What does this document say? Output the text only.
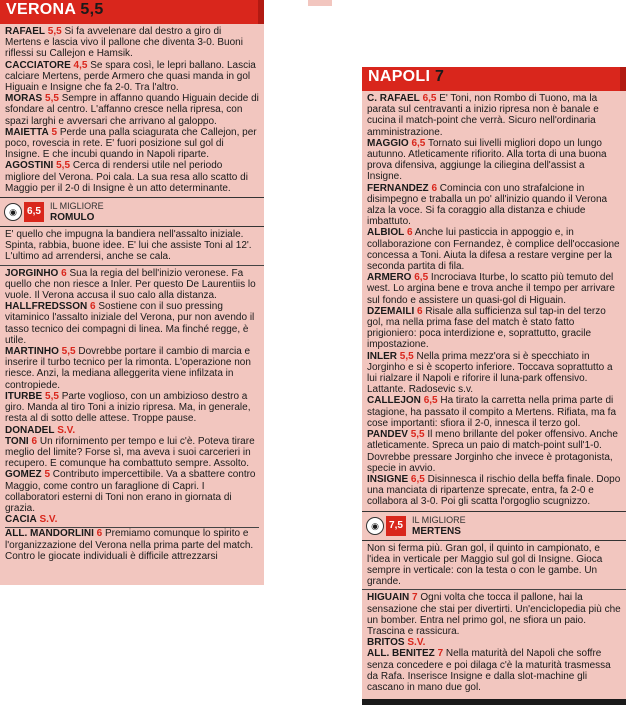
VERONA 5,5

RAFAEL 5,5 Si fa avvelenare dal destro a giro di Mertens e lascia vivo il pallone che diventa 3-0. Buoni riflessi su Callejon e Hamsik.

CACCIATORE 4,5 Se spara così, le lepri ballano. Lascia calciare Mertens, perde Armero che quasi manda in gol Higuain e Insigne che fa 2-0. Tra l'altro.

MORAS 5,5 Sempre in affanno quando Higuain decide di sfondare al centro. L'affanno cresce nella ripresa, con spazi larghi e avversari che arrivano al galoppo.

MAIETTA 5 Perde una palla sciagurata che Callejon, per poco, rovescia in rete. E' fuori posizione sul gol di Insigne. E che incubi quando in Napoli riparte.

AGOSTINI 5,5 Cerca di rendersi utile nel periodo migliore del Verona. Poi cala. La sua resa allo scatto di Maggio per il 2-0 di Insigne è un atto determinante.

◉	6,5	IL MIGLIORE
ROMULO

E' quello che impugna la bandiera nell'assalto iniziale. Spinta, rabbia, buone idee. E' lui che assiste Toni al 12'. L'ultimo ad arrendersi, anche se cala.

JORGINHO 6 Sua la regia del bell'inizio veronese. Fa quello che non riesce a Inler. Per questo De Laurentiis lo vuole. Il Verona accusa il suo calo alla distanza.

HALLFREDSSON 6 Sostiene con il suo pressing vitaminico l'assalto iniziale del Verona, pur non avendo il tasso tecnico dei compagni di linea. Ma finché regge, è utile.

MARTINHO 5,5 Dovrebbe portare il cambio di marcia e inserire il turbo tecnico per la rimonta. L'operazione non riesce. Anzi, la mediana alleggerita viene infilzata in contropiede.

ITURBE 5,5 Parte voglioso, con un ambizioso destro a giro. Manda al tiro Toni a inizio ripresa. Ma, in generale, resta al di sotto delle attese. Troppe pause.

DONADEL S.V.

TONI 6 Un rifornimento per tempo e lui c'è. Poteva tirare meglio del limite? Forse sì, ma aveva i suoi carcerieri in recupero. E comunque ha combattuto sempre. Assolto.

GOMEZ 5 Contributo impercettibile. Va a sbattere contro Maggio, come contro un faraglione di Capri. I collaboratori esterni di Toni non erano in giornata di grazia.

CACIA S.V.

ALL. MANDORLINI 6 Premiamo comunque lo spirito e l'organizzazione del Verona nella prima parte del match. Contro le giocate individuali è difficile attrezzarsi

NAPOLI 7

C. RAFAEL 6,5 E' Toni, non Rombo di Tuono, ma la parata sul centravanti a inizio ripresa non è banale e cucina il match-point che verrà. Sicuro nell'ordinaria amministrazione.

MAGGIO 6,5 Tornato sui livelli migliori dopo un lungo autunno. Atleticamente rifiorito. Alla torta di una buona prova difensiva, aggiunge la ciliegina dell'assist a Insigne.

FERNANDEZ 6 Comincia con uno strafalcione in disimpegno e traballa un po' all'inizio quando il Verona alza la voce. Si fa coraggio alla distanza e chiude imbattuto.

ALBIOL 6 Anche lui pasticcia in appoggio e, in collaborazione con Fernandez, è complice dell'occasione concessa a Toni. Aiuta la difesa a restare vergine per la seconda partita di fila.

ARMERO 6,5 Incrociava Iturbe, lo scatto più temuto del west. Lo argina bene e trova anche il tempo per arrivare sul fondo e assistere un quasi-gol di Higuain.

DZEMAILI 6 Risale alla sufficienza sul tap-in del terzo gol, ma nella prima fase del match è stato fatto prigioniero: poca interdizione e, soprattutto, gracile impostazione.

INLER 5,5 Nella prima mezz'ora si è specchiato in Jorginho e si è scoperto inferiore. Toccava soprattutto a lui rialzare il Napoli e riforire il luna-park offensivo. Lattante. Radosevic s.v.

CALLEJON 6,5 Ha tirato la carretta nella prima parte di stagione, ha passato il compito a Mertens. Rifiata, ma fa cose importanti: sfiora il 2-0, innesca il terzo gol.

PANDEV 5,5 Il meno brillante del poker offensivo. Anche atleticamente. Spreca un paio di match-point sull'1-0. Dovrebbe pressare Jorginho che invece è protagonista, specie in avvio.

INSIGNE 6,5 Disinnesca il rischio della beffa finale. Dopo una manciata di ripartenze sprecate, entra, fa 2-0 e collabora al 3-0. Poi gli scatta l'orgoglio scugnizzo.

◉	7,5	IL MIGLIORE
MERTENS

Non si ferma più. Gran gol, il quinto in campionato, e l'idea in verticale per Maggio sul gol di Insigne. Gioca sempre in verticale: con la testa o con le gambe. Un grande.

HIGUAIN 7 Ogni volta che tocca il pallone, hai la sensazione che stai per divertirti. Un'enciclopedia più che un bomber. Entra nel primo gol, ne sfiora un paio. Trascina e rassicura.

BRITOS S.V.

ALL. BENITEZ 7 Nella maturità del Napoli che soffre senza concedere e poi dilaga c'è la maturità trasmessa da Rafa. Inserisce Insigne e dalla slot-machine gli cascano in mano due gol.
